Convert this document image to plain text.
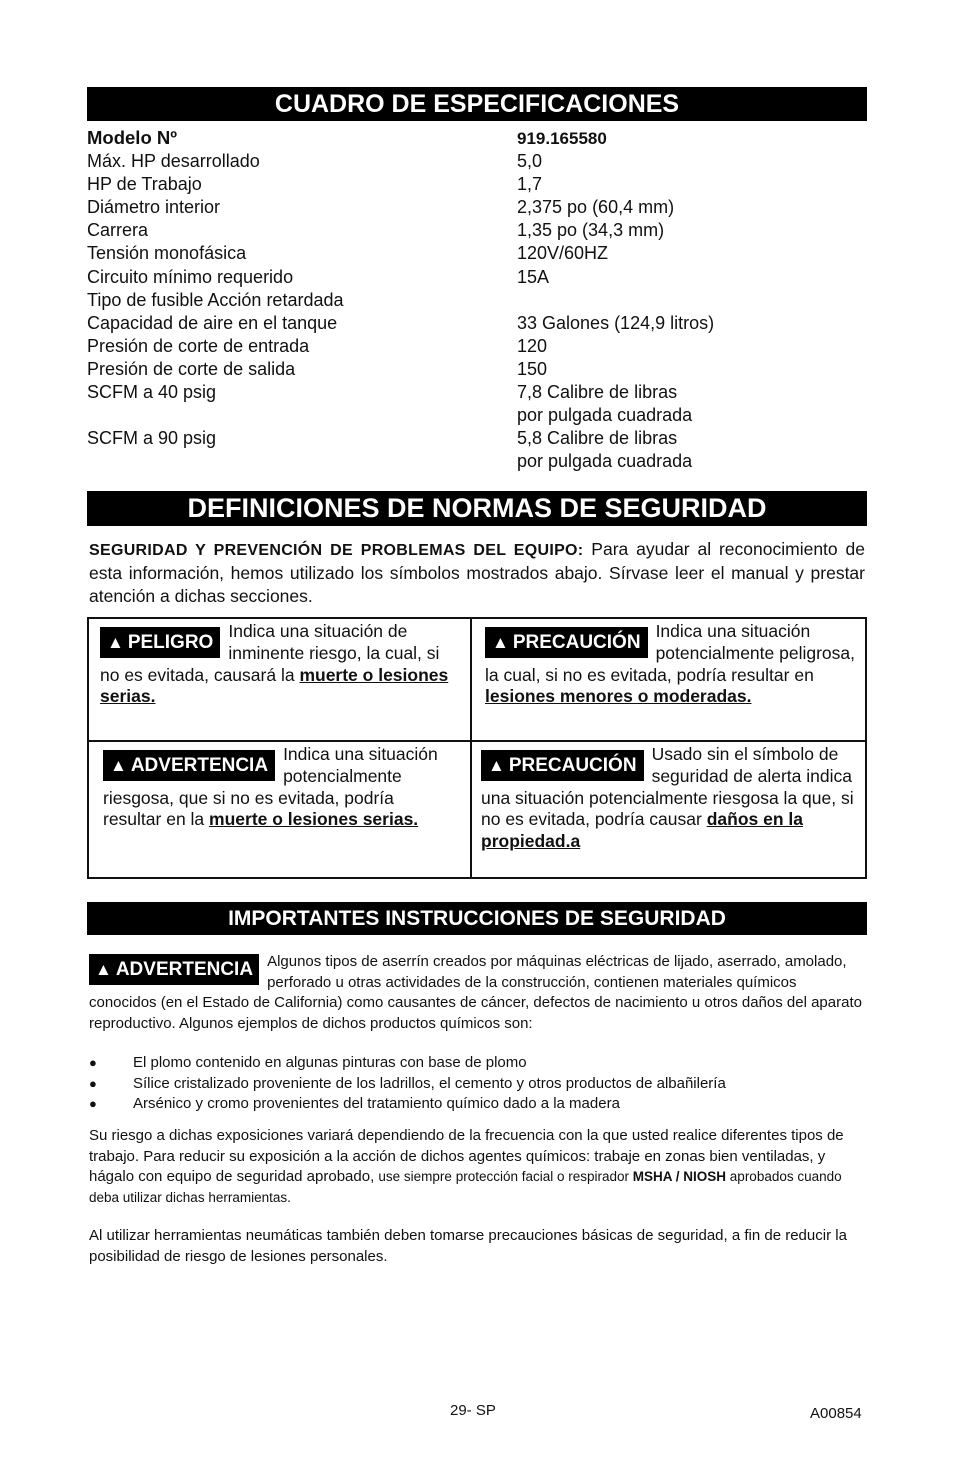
CUADRO DE ESPECIFICACIONES
Modelo Nº	919.165580
Máx. HP desarrollado	5,0
HP de Trabajo	1,7
Diámetro interior	2,375 po (60,4 mm)
Carrera	1,35 po (34,3 mm)
Tensión monofásica	120V/60HZ
Circuito mínimo requerido	15A
Tipo de fusible Acción retardada
Capacidad de aire en el tanque	33 Galones (124,9 litros)
Presión de corte de entrada	120
Presión de corte de salida	150
SCFM a 40 psig	7,8 Calibre de libras
por pulgada cuadrada
SCFM a 90 psig	5,8 Calibre de libras
por pulgada cuadrada
DEFINICIONES DE NORMAS DE SEGURIDAD
SEGURIDAD Y PREVENCIÓN DE PROBLEMAS DEL EQUIPO: Para ayudar al reconocimiento de esta información, hemos utilizado los símbolos mostrados abajo. Sírvase leer el manual y prestar atención a dichas secciones.
▲ PELIGRO
Indica una situación de inminente riesgo, la cual, si no es evitada, causará la muerte o lesiones serias.
▲ PRECAUCIÓN
Indica una situación potencialmente peligrosa, la cual, si no es evitada, podría resultar en lesiones menores o moderadas.
▲ ADVERTENCIA
Indica una situación potencialmente riesgosa, que si no es evitada, podría resultar en la muerte o lesiones serias.
▲ PRECAUCIÓN
Usado sin el símbolo de seguridad de alerta indica una situación potencialmente riesgosa la que, si no es evitada, podría causar daños en la propiedad.a
IMPORTANTES INSTRUCCIONES DE SEGURIDAD
▲ ADVERTENCIA Algunos tipos de aserrín creados por máquinas eléctricas de lijado, aserrado, amolado, perforado u otras actividades de la construcción, contienen materiales químicos conocidos (en el Estado de California) como causantes de cáncer, defectos de nacimiento u otros daños del aparato reproductivo. Algunos ejemplos de dichos productos químicos son:
●	El plomo contenido en algunas pinturas con base de plomo
●	Sílice cristalizado proveniente de los ladrillos, el cemento y otros productos de albañilería
●	Arsénico y cromo provenientes del tratamiento químico dado a la madera
Su riesgo a dichas exposiciones variará dependiendo de la frecuencia con la que usted realice diferentes tipos de trabajo. Para reducir su exposición a la acción de dichos agentes químicos: trabaje en zonas bien ventiladas, y hágalo con equipo de seguridad aprobado, use siempre protección facial o respirador MSHA / NIOSH aprobados cuando deba utilizar dichas herramientas.
Al utilizar herramientas neumáticas también deben tomarse precauciones básicas de seguridad, a fin de reducir la posibilidad de riesgo de lesiones personales.
29- SP	A00854
